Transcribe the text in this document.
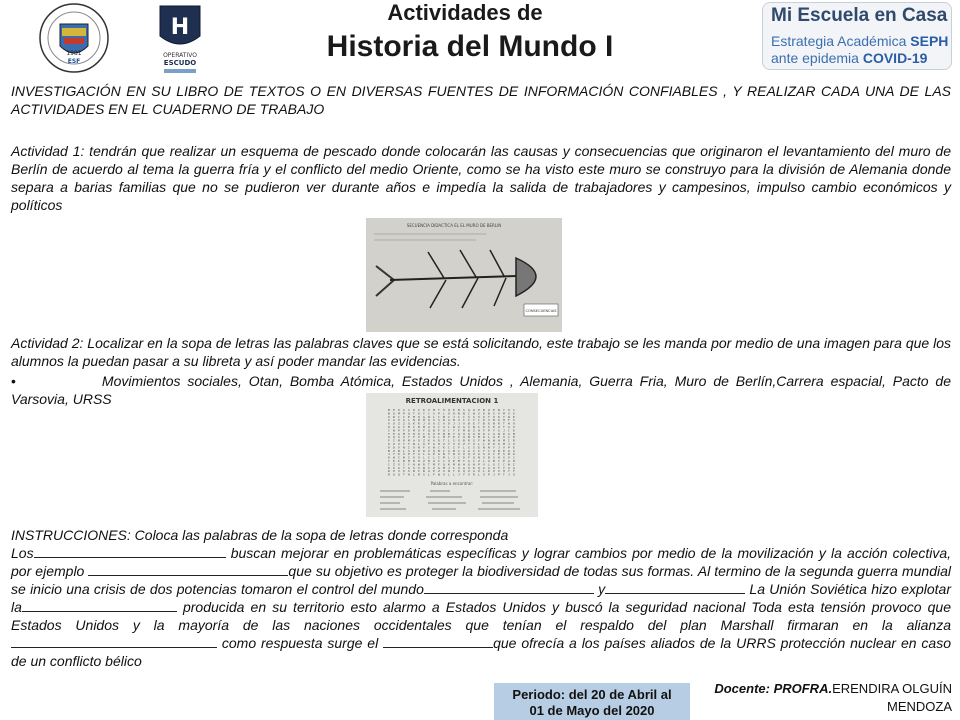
1981
ESF
H
OPERATIVO
ESCUDO
Actividades de
Historia del Mundo I
Mi Escuela en Casa
Estrategia Académica SEPH
ante epidemia COVID-19
INVESTIGACIÓN EN SU LIBRO DE TEXTOS O EN DIVERSAS FUENTES DE INFORMACIÓN CONFIABLES , Y REALIZAR CADA UNA DE LAS ACTIVIDADES EN EL CUADERNO DE TRABAJO
Actividad 1: tendrán que realizar un esquema de pescado donde colocarán las causas y consecuencias que originaron el levantamiento del muro de Berlín de acuerdo al tema la guerra fría y el conflicto del medio Oriente, como se ha visto este muro se construyo para la división de Alemania donde separa a barias familias que no se pudieron ver durante años e impedía la salida de trabajadores y campesinos, impulso cambio económicos y políticos
SECUENCIA DIDACTICA EL EL MURO DE BERLIN
CONSECUENCIAS
Actividad 2: Localizar en la sopa de letras las palabras claves que se está solicitando, este trabajo se les manda por medio de una imagen para que los alumnos la puedan pasar a su libreta y así poder mandar las evidencias.
•	Movimientos sociales, Otan, Bomba Atómica, Estados Unidos , Alemania, Guerra Fria, Muro de Berlín,Carrera espacial, Pacto de Varsovia, URSS	RETROALIMENTACION 1
B P O S C D I K V M T H Q E B S Q U P B U E W Y O C
W U M P Q T U Y C S P L O H N N I W S K B S V M X G
O R C I E M Q G W L C B C J C C S S X O T X K Y W K
X G P A L N R M Q X S W A N V C I Y C K V B O H F S
A U Z Z Q K R J U A I A D J J O B E T B E N R T H O
U A G I M I B M A X C X L W Z G S N I K I E U T A V
C N P F D M O F Q B F Q C Y F M B Z H F P Y G J C E
Y P G M X H D C K Z E N B Y Q U Q U R D L A W D A M
U Q S X T F V M J U L M F P I U B S M D L A E X C P
F I M R M A O Z K A D T L S X B R G F W N W H M I R
O Z V Y T N L U F G H Z T V O Z Y V L L P P O M J X
D D V N I O N F X W C K C I F L S S E N N Y J V P E
B U B L S D P R V Q B I A B C A G I I T C Q W K U A
J Y K X P F A L G E G N T W V O Q Z A S O L E S B D
D W I N I O O L I L I M L J C D F Q N X B S H S V C
C K I B M R H Z R Z I C X E M T A C Z L A B C P A H
C Z X I Y H W R T M F Q K M N H U H P V L G I C N I
D S A Y G S S W S Z G M J I O A X K Q A A U T Y A A
R P V O S B I B A P Z Z W T K Q Z A O L D X V H Y F
R U Q T H L M S L F W A L L J Y X R L Z P J P T J X
Palabras a encontrar:
INSTRUCCIONES: Coloca las palabras de la sopa de letras donde corresponda
Los	buscan mejorar en problemáticas específicas y lograr cambios por medio de la movilización y la acción colectiva, por ejemplo	que su objetivo es proteger la biodiversidad de todas sus formas. Al termino de la segunda guerra mundial se inicio una crisis de dos potencias tomaron el control del mundo	y	La Unión Soviética hizo explotar la	producida en su territorio esto alarmo a Estados Unidos y buscó la seguridad nacional Toda esta tensión provoco que Estados Unidos y la mayoría de las naciones occidentales que tenían el respaldo del plan Marshall firmaran en la alianza como respuesta surge el	que ofrecía a los países aliados de la URRS protección nuclear en caso de un conflicto bélico
Periodo: del 20 de Abril al
01 de Mayo del 2020
Docente: PROFRA.ERENDIRA OLGUÍN
MENDOZA
